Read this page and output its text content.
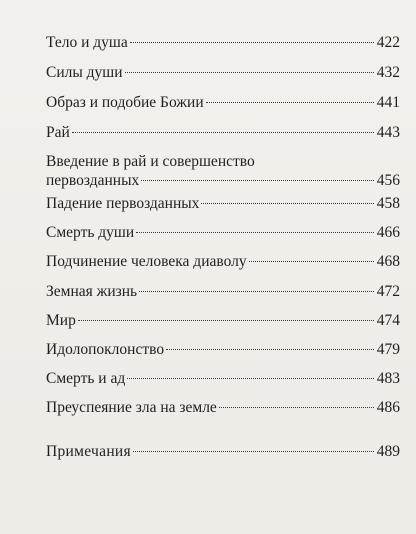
Тело и душа	422
Силы души	432
Образ и подобие Божии	441
Рай	443
Введение в рай и совершенство
первозданных	456
Падение первозданных	458
Смерть души	466
Подчинение человека диаволу	468
Земная жизнь	472
Мир	474
Идолопоклонство	479
Смерть и ад	483
Преуспеяние зла на земле	486
Примечания	489
